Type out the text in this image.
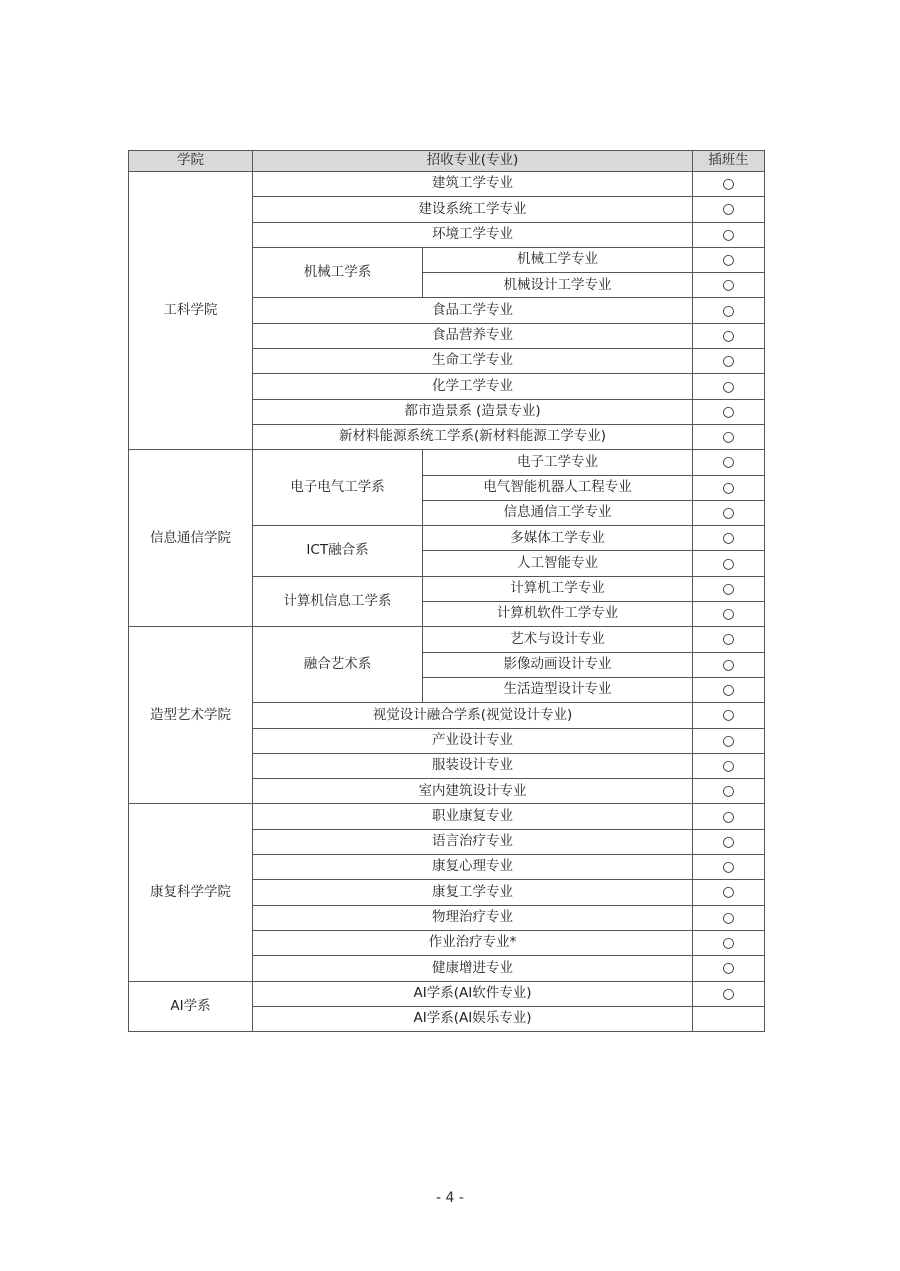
学院	招收专业(专业)		插班生
工科学院	建筑工学专业		○
	建设系统工学专业		○
	环境工学专业		○
	机械工学系	机械工学专业	○
		机械设计工学专业	○
	食品工学专业		○
	食品营养专业		○
	生命工学专业		○
	化学工学专业		○
	都市造景系 (造景专业)		○
	新材料能源系统工学系(新材料能源工学专业)		○
信息通信学院	电子电气工学系	电子工学专业	○
		电气智能机器人工程专业	○
		信息通信工学专业	○
	ICT融合系	多媒体工学专业	○
		人工智能专业	○
	计算机信息工学系	计算机工学专业	○
		计算机软件工学专业	○
造型艺术学院	融合艺术系	艺术与设计专业	○
		影像动画设计专业	○
		生活造型设计专业	○
	视觉设计融合学系(视觉设计专业)		○
	产业设计专业		○
	服装设计专业		○
	室内建筑设计专业		○
康复科学学院	职业康复专业		○
	语言治疗专业		○
	康复心理专业		○
	康复工学专业		○
	物理治疗专业		○
	作业治疗专业*		○
	健康增进专业		○
AI学系	AI学系(AI软件专业)		○
	AI学系(AI娱乐专业)		
- 4 -
